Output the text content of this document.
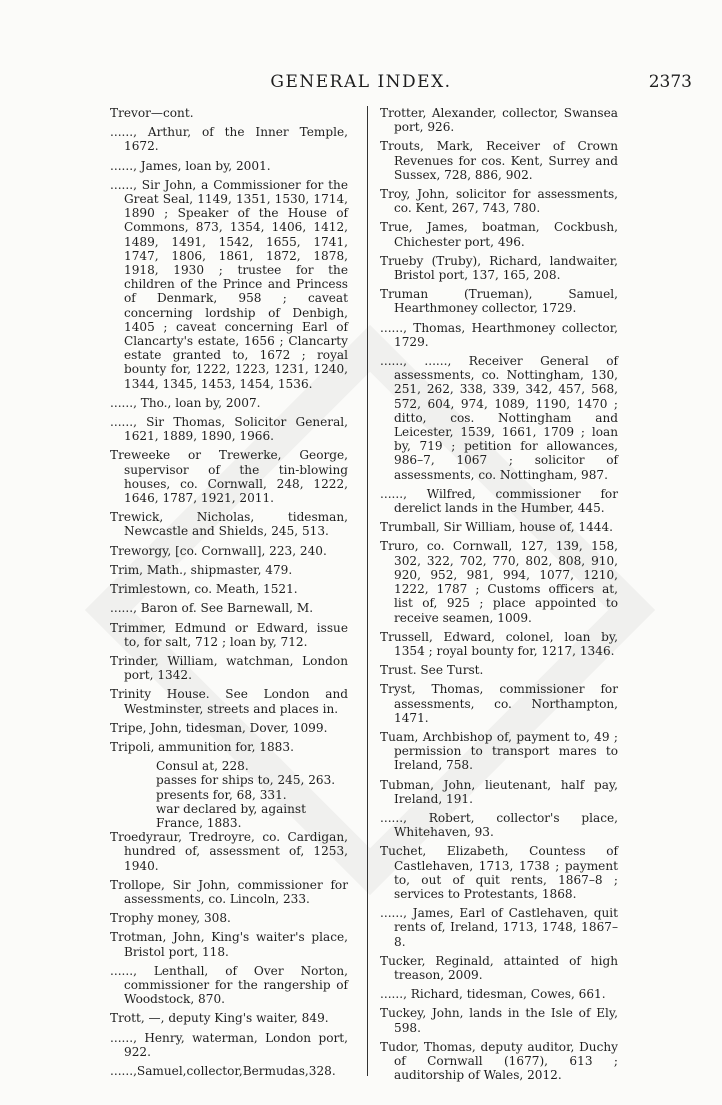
GENERAL INDEX.	2373
Trevor—cont.
......, Arthur, of the Inner Temple, 1672.
......, James, loan by, 2001.
......, Sir John, a Commissioner for the Great Seal, 1149, 1351, 1530, 1714, 1890 ; Speaker of the House of Commons, 873, 1354, 1406, 1412, 1489, 1491, 1542, 1655, 1741, 1747, 1806, 1861, 1872, 1878, 1918, 1930 ; trustee for the children of the Prince and Princess of Denmark, 958 ; caveat concerning lordship of Denbigh, 1405 ; caveat concerning Earl of Clancarty's estate, 1656 ; Clancarty estate granted to, 1672 ; royal bounty for, 1222, 1223, 1231, 1240, 1344, 1345, 1453, 1454, 1536.
......, Tho., loan by, 2007.
......, Sir Thomas, Solicitor General, 1621, 1889, 1890, 1966.
Treweeke or Trewerke, George, supervisor of the tin-blowing houses, co. Cornwall, 248, 1222, 1646, 1787, 1921, 2011.
Trewick, Nicholas, tidesman, Newcastle and Shields, 245, 513.
Treworgy, [co. Cornwall], 223, 240.
Trim, Math., shipmaster, 479.
Trimlestown, co. Meath, 1521.
......, Baron of. See Barnewall, M.
Trimmer, Edmund or Edward, issue to, for salt, 712 ; loan by, 712.
Trinder, William, watchman, London port, 1342.
Trinity House. See London and Westminster, streets and places in.
Tripe, John, tidesman, Dover, 1099.
Tripoli, ammunition for, 1883.
Consul at, 228.
passes for ships to, 245, 263.
presents for, 68, 331.
war declared by, against France, 1883.
Troedyraur, Tredroyre, co. Cardigan, hundred of, assessment of, 1253, 1940.
Trollope, Sir John, commissioner for assessments, co. Lincoln, 233.
Trophy money, 308.
Trotman, John, King's waiter's place, Bristol port, 118.
......, Lenthall, of Over Norton, commissioner for the rangership of Woodstock, 870.
Trott, —, deputy King's waiter, 849.
......, Henry, waterman, London port, 922.
......,Samuel,collector,Bermudas,328.
Trotter, Alexander, collector, Swansea port, 926.
Trouts, Mark, Receiver of Crown Revenues for cos. Kent, Surrey and Sussex, 728, 886, 902.
Troy, John, solicitor for assessments, co. Kent, 267, 743, 780.
True, James, boatman, Cockbush, Chichester port, 496.
Trueby (Truby), Richard, landwaiter, Bristol port, 137, 165, 208.
Truman (Trueman), Samuel, Hearthmoney collector, 1729.
......, Thomas, Hearthmoney collector, 1729.
......, ......, Receiver General of assessments, co. Nottingham, 130, 251, 262, 338, 339, 342, 457, 568, 572, 604, 974, 1089, 1190, 1470 ; ditto, cos. Nottingham and Leicester, 1539, 1661, 1709 ; loan by, 719 ; petition for allowances, 986–7, 1067 ; solicitor of assessments, co. Nottingham, 987.
......, Wilfred, commissioner for derelict lands in the Humber, 445.
Trumball, Sir William, house of, 1444.
Truro, co. Cornwall, 127, 139, 158, 302, 322, 702, 770, 802, 808, 910, 920, 952, 981, 994, 1077, 1210, 1222, 1787 ; Customs officers at, list of, 925 ; place appointed to receive seamen, 1009.
Trussell, Edward, colonel, loan by, 1354 ; royal bounty for, 1217, 1346.
Trust. See Turst.
Tryst, Thomas, commissioner for assessments, co. Northampton, 1471.
Tuam, Archbishop of, payment to, 49 ; permission to transport mares to Ireland, 758.
Tubman, John, lieutenant, half pay, Ireland, 191.
......, Robert, collector's place, Whitehaven, 93.
Tuchet, Elizabeth, Countess of Castlehaven, 1713, 1738 ; payment to, out of quit rents, 1867–8 ; services to Protestants, 1868.
......, James, Earl of Castlehaven, quit rents of, Ireland, 1713, 1748, 1867–8.
Tucker, Reginald, attainted of high treason, 2009.
......, Richard, tidesman, Cowes, 661.
Tuckey, John, lands in the Isle of Ely, 598.
Tudor, Thomas, deputy auditor, Duchy of Cornwall (1677), 613 ; auditorship of Wales, 2012.
